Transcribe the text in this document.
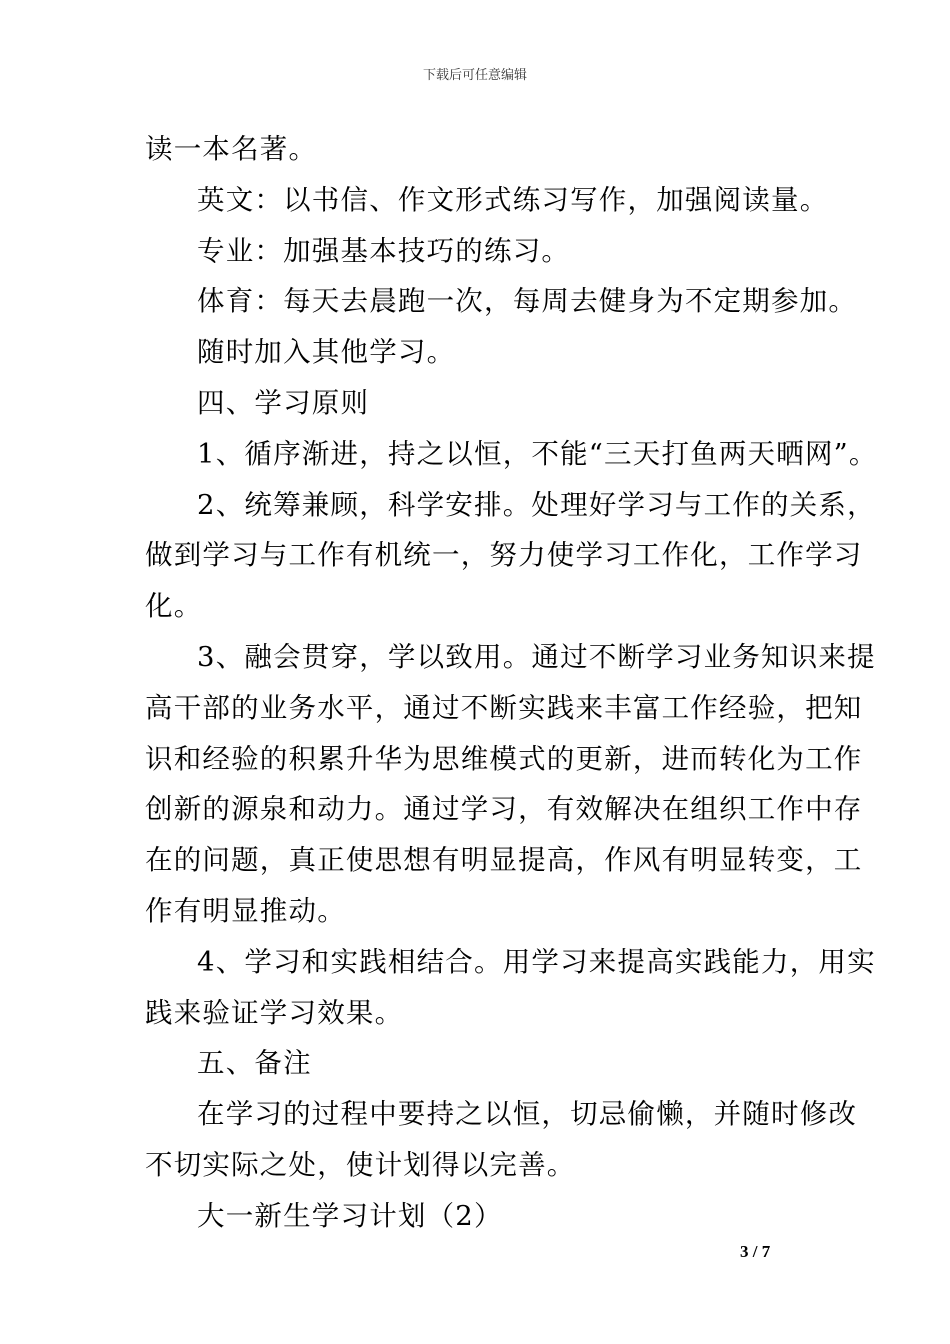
下载后可任意编辑

读一本名著。

英文：以书信、作文形式练习写作，加强阅读量。

专业：加强基本技巧的练习。

体育：每天去晨跑一次，每周去健身为不定期参加。

随时加入其他学习。

四、学习原则

1、循序渐进，持之以恒，不能“三天打鱼两天晒网”。

2、统筹兼顾，科学安排。处理好学习与工作的关系，

做到学习与工作有机统一，努力使学习工作化，工作学习

化。

3、融会贯穿，学以致用。通过不断学习业务知识来提

高干部的业务水平，通过不断实践来丰富工作经验，把知

识和经验的积累升华为思维模式的更新，进而转化为工作

创新的源泉和动力。通过学习，有效解决在组织工作中存

在的问题，真正使思想有明显提高，作风有明显转变，工

作有明显推动。

4、学习和实践相结合。用学习来提高实践能力，用实

践来验证学习效果。

五、备注

在学习的过程中要持之以恒，切忌偷懒，并随时修改

不切实际之处，使计划得以完善。

大一新生学习计划（2）

3 / 7
